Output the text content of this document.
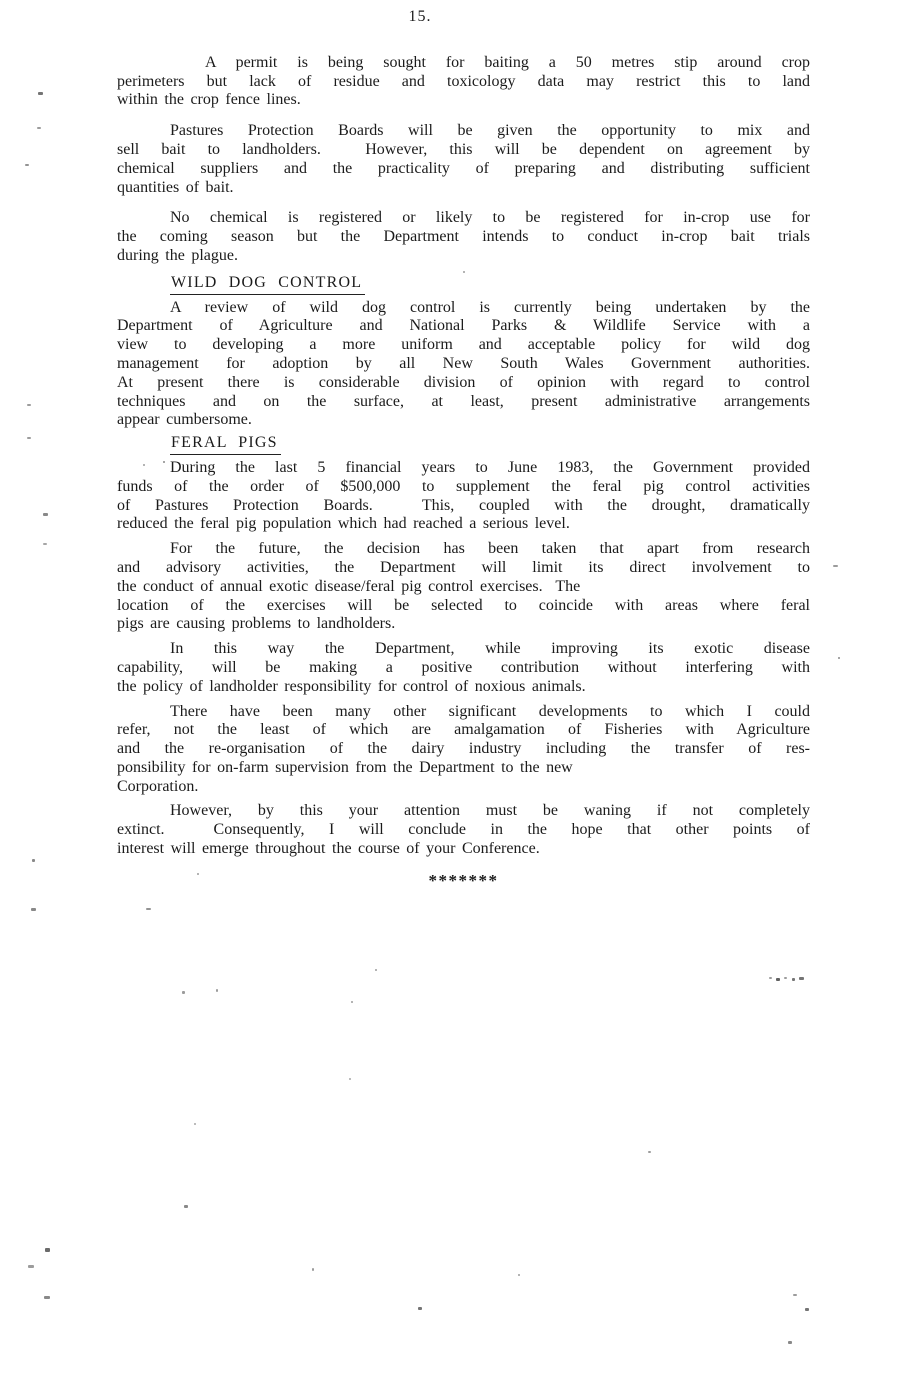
15.
A permit is being sought for baiting a 50 metres stip around crop
perimeters but lack of residue and toxicology data may restrict this to land
within the crop fence lines.
Pastures Protection Boards will be given the opportunity to mix and
sell bait to landholders.  However, this will be dependent on agreement by
chemical suppliers and the practicality of preparing and distributing sufficient
quantities of bait.
No chemical is registered or likely to be registered for in-crop use for
the coming season but the Department intends to conduct in-crop bait trials
during the plague.
WILD DOG CONTROL
A review of wild dog control is currently being undertaken by the
Department of Agriculture and National Parks & Wildlife Service with a
view to developing a more uniform and acceptable policy for wild dog
management for adoption by all New South Wales Government authorities.
At present there is considerable division of opinion with regard to control
techniques and on the surface, at least, present administrative arrangements
appear cumbersome.
FERAL PIGS
During the last 5 financial years to June 1983, the Government provided
funds of the order of $500,000 to supplement the feral pig control activities
of Pastures Protection Boards.  This, coupled with the drought, dramatically
reduced the feral pig population which had reached a serious level.
For the future, the decision has been taken that apart from research
and advisory activities, the Department will limit its direct involvement to
the conduct of annual exotic disease/feral pig control exercises.  The
location of the exercises will be selected to coincide with areas where feral
pigs are causing problems to landholders.
In this way the Department, while improving its exotic disease
capability, will be making a positive contribution without interfering with
the policy of landholder responsibility for control of noxious animals.
There have been many other significant developments to which I could
refer, not the least of which are amalgamation of Fisheries with Agriculture
and the re-organisation of the dairy industry including the transfer of res-
ponsibility for on-farm supervision from the Department to the new
Corporation.
However, by this your attention must be waning if not completely
extinct.  Consequently, I will conclude in the hope that other points of
interest will emerge throughout the course of your Conference.
*******
